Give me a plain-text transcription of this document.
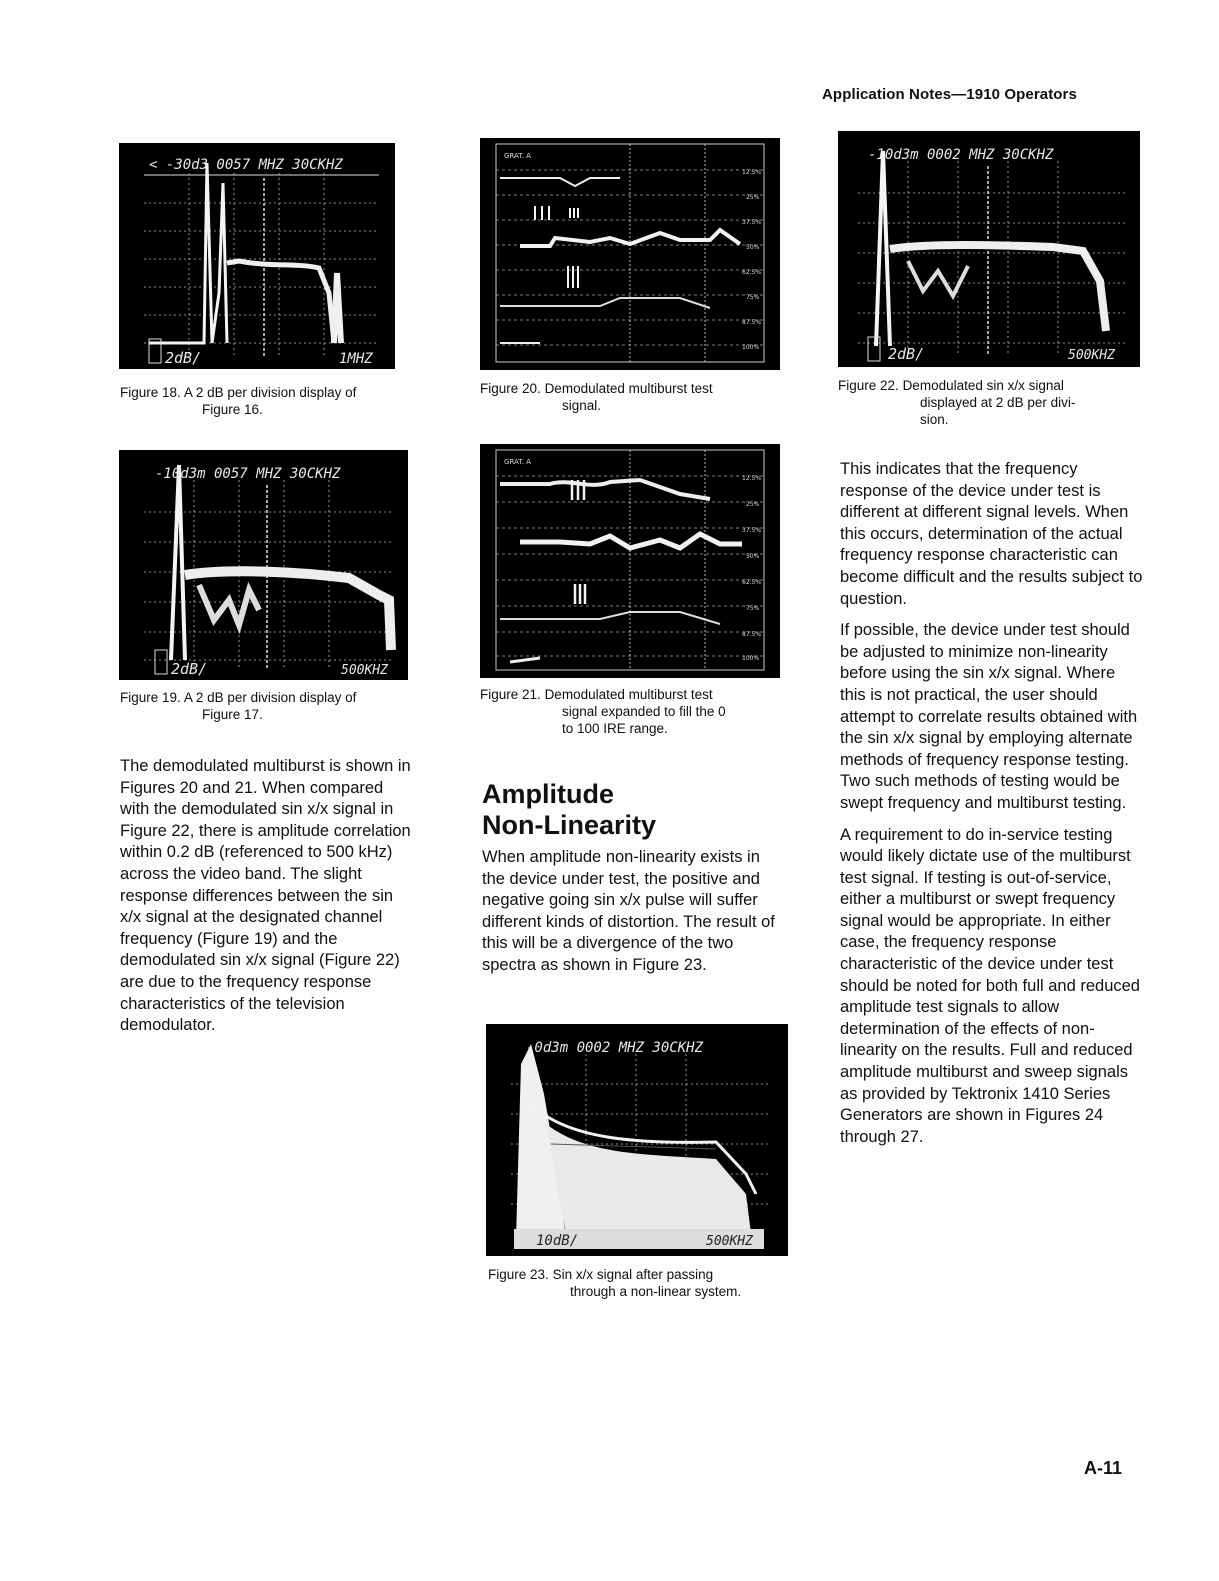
Application Notes—1910 Operators
< -30d3 0057 MHZ 30CKHZ
2dB/	1MHZ
Figure 18. A 2 dB per division display of
Figure 16.
-10d3m 0057 MHZ 30CKHZ
2dB/	500KHZ
Figure 19. A 2 dB per division display of
Figure 17.
GRAT. A
12.5%
25%
37.5%
50%
62.5%
75%
87.5%
100%
Figure 20. Demodulated multiburst test
signal.
GRAT. A
12.5%
25%
37.5%
50%
62.5%
75%
87.5%
100%
Figure 21. Demodulated multiburst test
signal expanded to fill the 0
to 100 IRE range.
-10d3m 0002 MHZ 30CKHZ
2dB/	500KHZ
Figure 22. Demodulated sin x/x signal
displayed at 2 dB per divi-
sion.

The demodulated multiburst is shown in Figures 20 and 21. When compared with the demodulated sin x/x signal in Figure 22, there is amplitude correlation within 0.2 dB (referenced to 500 kHz) across the video band. The slight response differences between the sin x/x signal at the designated channel frequency (Figure 19) and the demodulated sin x/x signal (Figure 22) are due to the frequency response characteristics of the television demodulator.

Amplitude
Non-Linearity

When amplitude non-linearity exists in the device under test, the positive and negative going sin x/x pulse will suffer different kinds of distortion. The result of this will be a divergence of the two spectra as shown in Figure 23.

-0d3m 0002 MHZ 30CKHZ
10dB/	500KHZ
Figure 23. Sin x/x signal after passing
through a non-linear system.

This indicates that the frequency response of the device under test is different at different signal levels. When this occurs, determination of the actual frequency response characteristic can become difficult and the results subject to question.

If possible, the device under test should be adjusted to minimize non-linearity before using the sin x/x signal. Where this is not practical, the user should attempt to correlate results obtained with the sin x/x signal by employing alternate methods of frequency response testing. Two such methods of testing would be swept frequency and multiburst testing.

A requirement to do in-service testing would likely dictate use of the multiburst test signal. If testing is out-of-service, either a multiburst or swept frequency signal would be appropriate. In either case, the frequency response characteristic of the device under test should be noted for both full and reduced amplitude test signals to allow determination of the effects of non-linearity on the results. Full and reduced amplitude multiburst and sweep signals as provided by Tektronix 1410 Series Generators are shown in Figures 24 through 27.

A-11
